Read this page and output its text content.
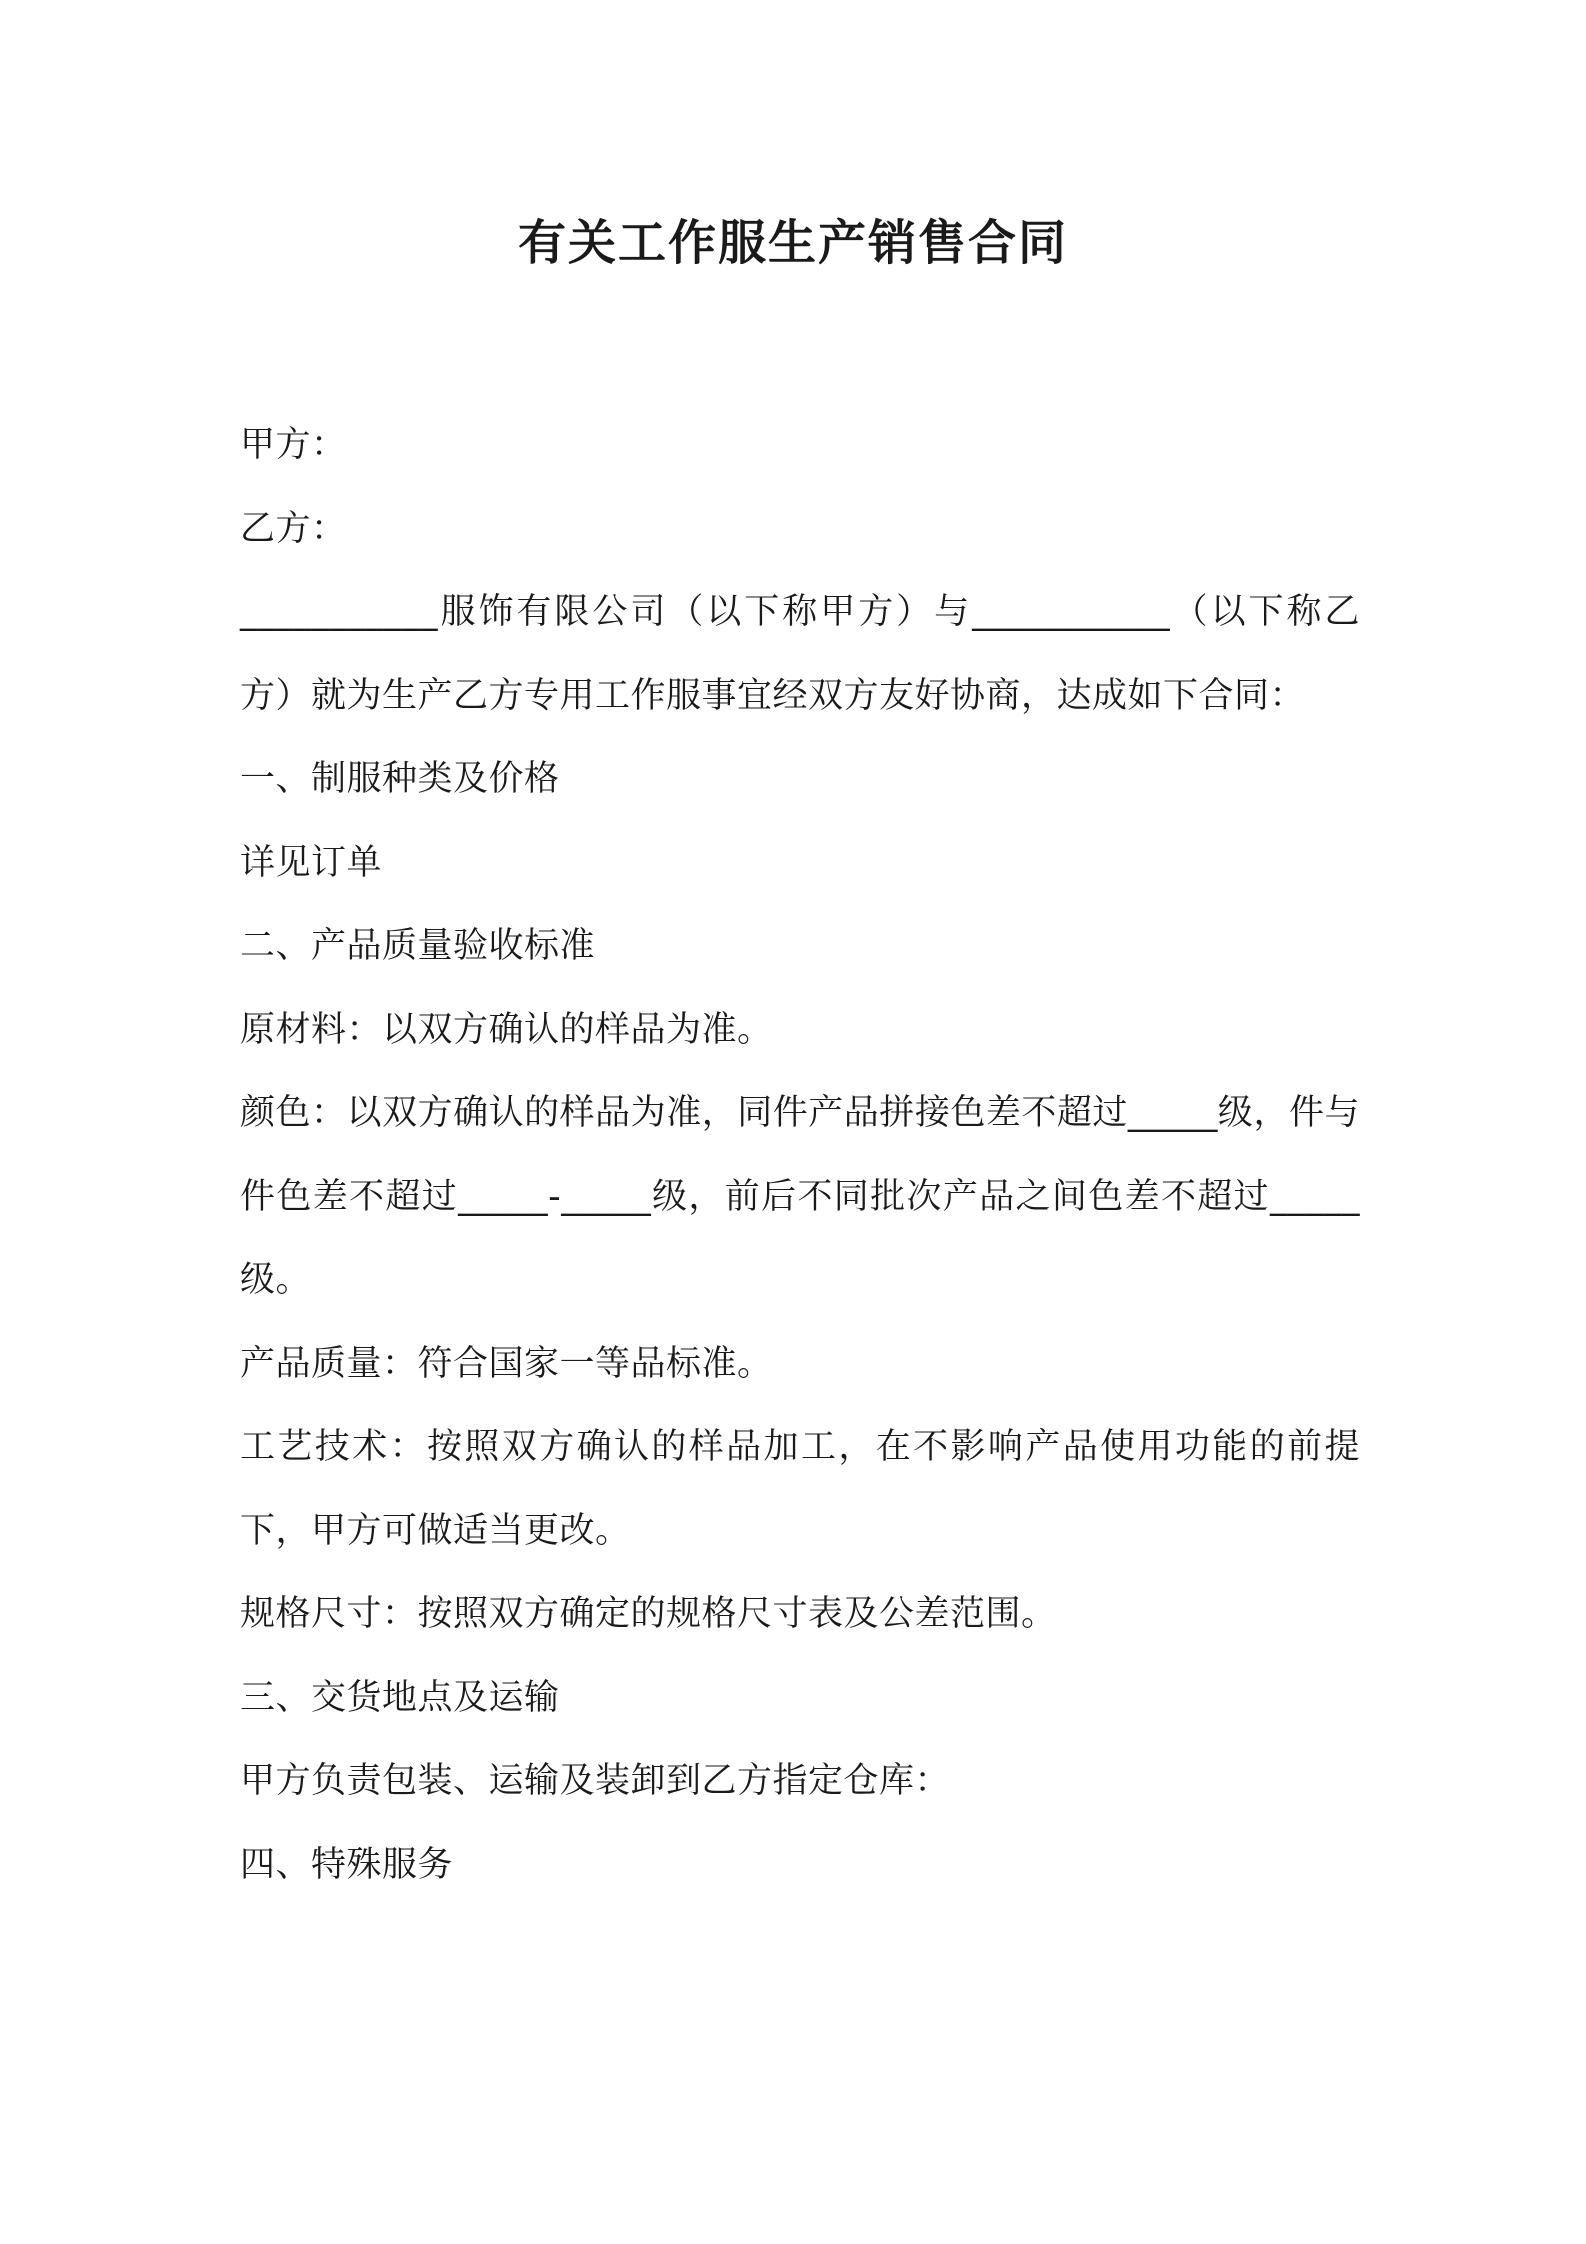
有关工作服生产销售合同

甲方：

乙方：

___________服饰有限公司（以下称甲方）与___________（以下称乙方）就为生产乙方专用工作服事宜经双方友好协商，达成如下合同：

一、制服种类及价格

详见订单

二、产品质量验收标准

原材料：以双方确认的样品为准。

颜色：以双方确认的样品为准，同件产品拼接色差不超过_____级，件与件色差不超过_____-_____级，前后不同批次产品之间色差不超过_____级。

产品质量：符合国家一等品标准。

工艺技术：按照双方确认的样品加工，在不影响产品使用功能的前提下，甲方可做适当更改。

规格尺寸：按照双方确定的规格尺寸表及公差范围。

三、交货地点及运输

甲方负责包装、运输及装卸到乙方指定仓库：

四、特殊服务
